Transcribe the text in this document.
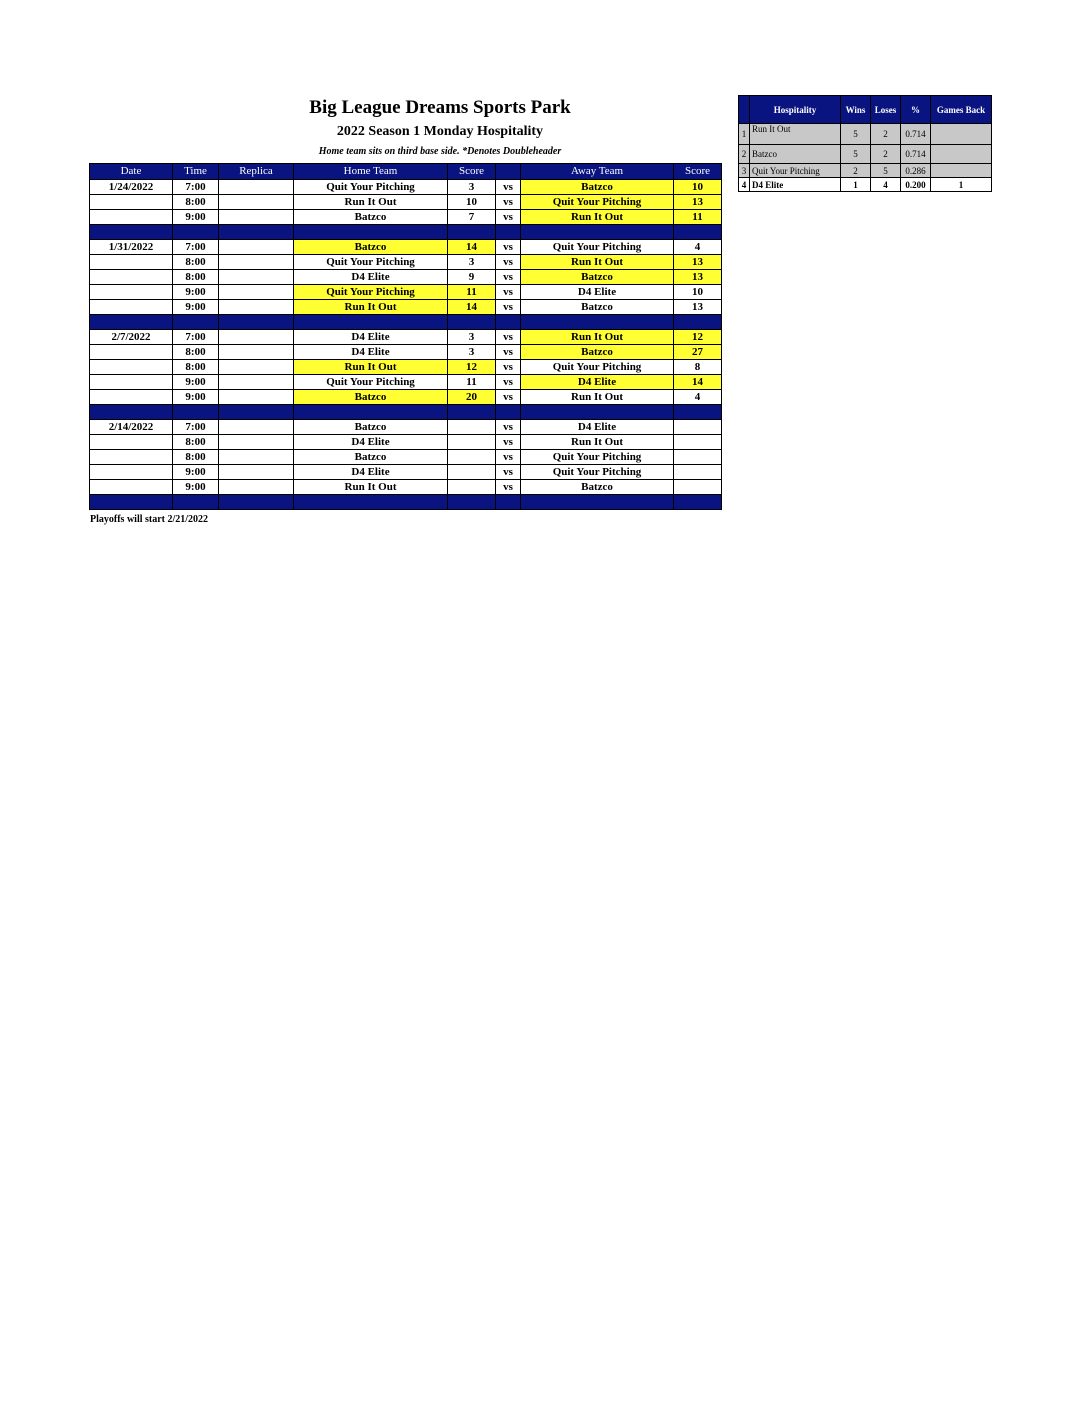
Big League Dreams Sports Park
2022 Season 1 Monday Hospitality
Home team sits on third base side. *Denotes Doubleheader
Date	Time	Replica	Home Team	Score		Away Team	Score
1/24/2022	7:00		Quit Your Pitching	3	vs	Batzco	10
	8:00		Run It Out	10	vs	Quit Your Pitching	13
	9:00		Batzco	7	vs	Run It Out	11

1/31/2022	7:00		Batzco	14	vs	Quit Your Pitching	4
	8:00		Quit Your Pitching	3	vs	Run It Out	13
	8:00		D4 Elite	9	vs	Batzco	13
	9:00		Quit Your Pitching	11	vs	D4 Elite	10
	9:00		Run It Out	14	vs	Batzco	13

2/7/2022	7:00		D4 Elite	3	vs	Run It Out	12
	8:00		D4 Elite	3	vs	Batzco	27
	8:00		Run It Out	12	vs	Quit Your Pitching	8
	9:00		Quit Your Pitching	11	vs	D4 Elite	14
	9:00		Batzco	20	vs	Run It Out	4

2/14/2022	7:00		Batzco		vs	D4 Elite	
	8:00		D4 Elite		vs	Run It Out	
	8:00		Batzco		vs	Quit Your Pitching	
	9:00		D4 Elite		vs	Quit Your Pitching	
	9:00		Run It Out		vs	Batzco	

	Hospitality	Wins	Loses	%	Games Back
1	Run It Out	5	2	0.714	
2	Batzco	5	2	0.714	
3	Quit Your Pitching	2	5	0.286	
4	D4 Elite	1	4	0.200	1
Playoffs will start 2/21/2022
